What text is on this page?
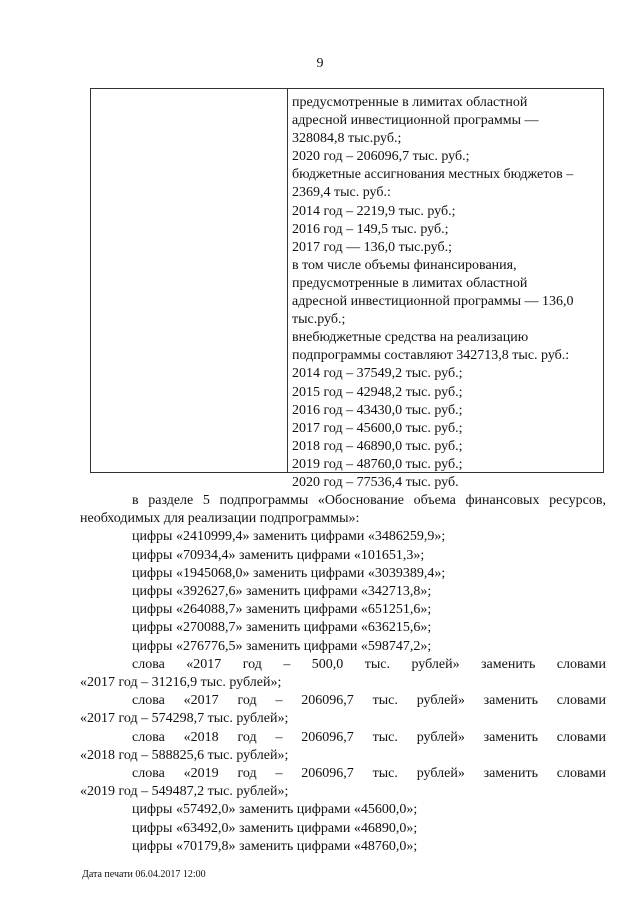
9
предусмотренные в лимитах областной
адресной инвестиционной программы —
328084,8 тыс.руб.;
2020 год – 206096,7 тыс. руб.;
бюджетные ассигнования местных бюджетов –
2369,4 тыс. руб.:
2014 год – 2219,9 тыс. руб.;
2016 год – 149,5 тыс. руб.;
2017 год — 136,0 тыс.руб.;
в том числе объемы финансирования,
предусмотренные в лимитах областной
адресной инвестиционной программы — 136,0
тыс.руб.;
внебюджетные средства на реализацию
подпрограммы составляют 342713,8 тыс. руб.:
2014 год – 37549,2 тыс. руб.;
2015 год – 42948,2 тыс. руб.;
2016 год – 43430,0 тыс. руб.;
2017 год – 45600,0 тыс. руб.;
2018 год – 46890,0 тыс. руб.;
2019 год – 48760,0 тыс. руб.;
2020 год – 77536,4 тыс. руб.
в разделе 5 подпрограммы «Обоснование объема финансовых ресурсов,
необходимых для реализации подпрограммы»:
цифры «2410999,4» заменить цифрами «3486259,9»;
цифры «70934,4» заменить цифрами «101651,3»;
цифры «1945068,0» заменить цифрами «3039389,4»;
цифры «392627,6» заменить цифрами «342713,8»;
цифры «264088,7» заменить цифрами «651251,6»;
цифры «270088,7» заменить цифрами «636215,6»;
цифры «276776,5» заменить цифрами «598747,2»;
слова «2017 год – 500,0 тыс. рублей» заменить словами
«2017 год – 31216,9 тыс. рублей»;
слова «2017 год – 206096,7 тыс. рублей» заменить словами
«2017 год – 574298,7 тыс. рублей»;
слова «2018 год – 206096,7 тыс. рублей» заменить словами
«2018 год – 588825,6 тыс. рублей»;
слова «2019 год – 206096,7 тыс. рублей» заменить словами
«2019 год – 549487,2 тыс. рублей»;
цифры «57492,0» заменить цифрами «45600,0»;
цифры «63492,0» заменить цифрами «46890,0»;
цифры «70179,8» заменить цифрами «48760,0»;
Дата печати 06.04.2017 12:00
